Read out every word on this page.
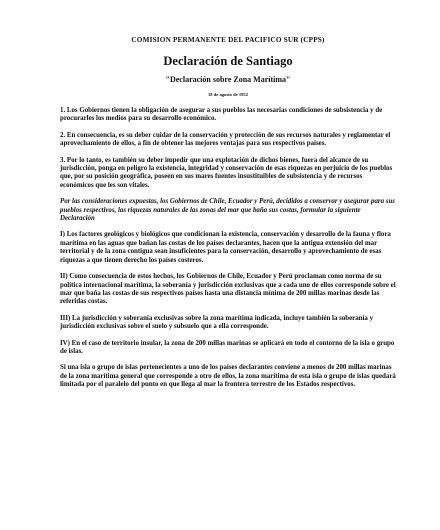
COMISION PERMANENTE DEL PACIFICO SUR (CPPS)

Declaración de Santiago

"Declaración sobre Zona Marítima"

18 de agosto de 1952

1. Los Gobiernos tienen la obligación de asegurar a sus pueblos las necesarias condiciones de subsistencia y de procurarles los medios para su desarrollo económico.

2. En consecuencia, es su deber cuidar de la conservación y protección de sus recursos naturales y reglamentar el aprovechamiento de ellos, a fin de obtener las mejores ventajas para sus respectivos países.

3. Por lo tanto, es también su deber impedir que una explotación de dichos bienes, fuera del alcance de su jurisdicción, ponga en peligro la existencia, integridad y conservación de esas riquezas en perjuicio de los pueblos que, por su posición geográfica, poseen en sus mares fuentes insustituibles de subsistencia y de recursos económicos que les son vitales.

Por las consideraciones expuestas, los Gobiernos de Chile, Ecuador y Perú, decididos a conservar y asegurar para sus pueblos respectivos, las riquezas naturales de las zonas del mar que baña sus costas, formular la siguiente Declaración

I) Los factores geológicos y biológicos que condicionan la existencia, conservación y desarrollo de la fauna y flora marítima en las aguas que bañan las costas de los países declarantes, hacen que la antigua extensión del mar territorial y de la zona contigua sean insuficientes para la conservación, desarrollo y aprovechamiento de esas riquezas a que tienen derecho los países costeros.

II) Como consecuencia de estos hechos, los Gobiernos de Chile, Ecuador y Perú proclaman como norma de su política internacional marítima, la soberanía y jurisdicción exclusivas que a cada uno de ellos corresponde sobre el mar que baña las costas de sus respectivos países hasta una distancia mínima de 200 millas marinas desde las referidas costas.

III) La jurisdicción y soberanía exclusivas sobre la zona marítima indicada, incluye también la soberanía y jurisdicción exclusivas sobre el suelo y subsuelo que a ella corresponde.

IV) En el caso de territorio insular, la zona de 200 millas marinas se aplicará en todo el contorno de la isla o grupo de islas.

Si una isla o grupo de islas pertenecientes a uno de los países declarantes conviene a menos de 200 millas marinas de la zona marítima general que corresponde a otro de ellos, la zona marítima de esta isla o grupo de islas quedará limitada por el paralelo del punto en que llega al mar la frontera terrestre de los Estados respectivos.
